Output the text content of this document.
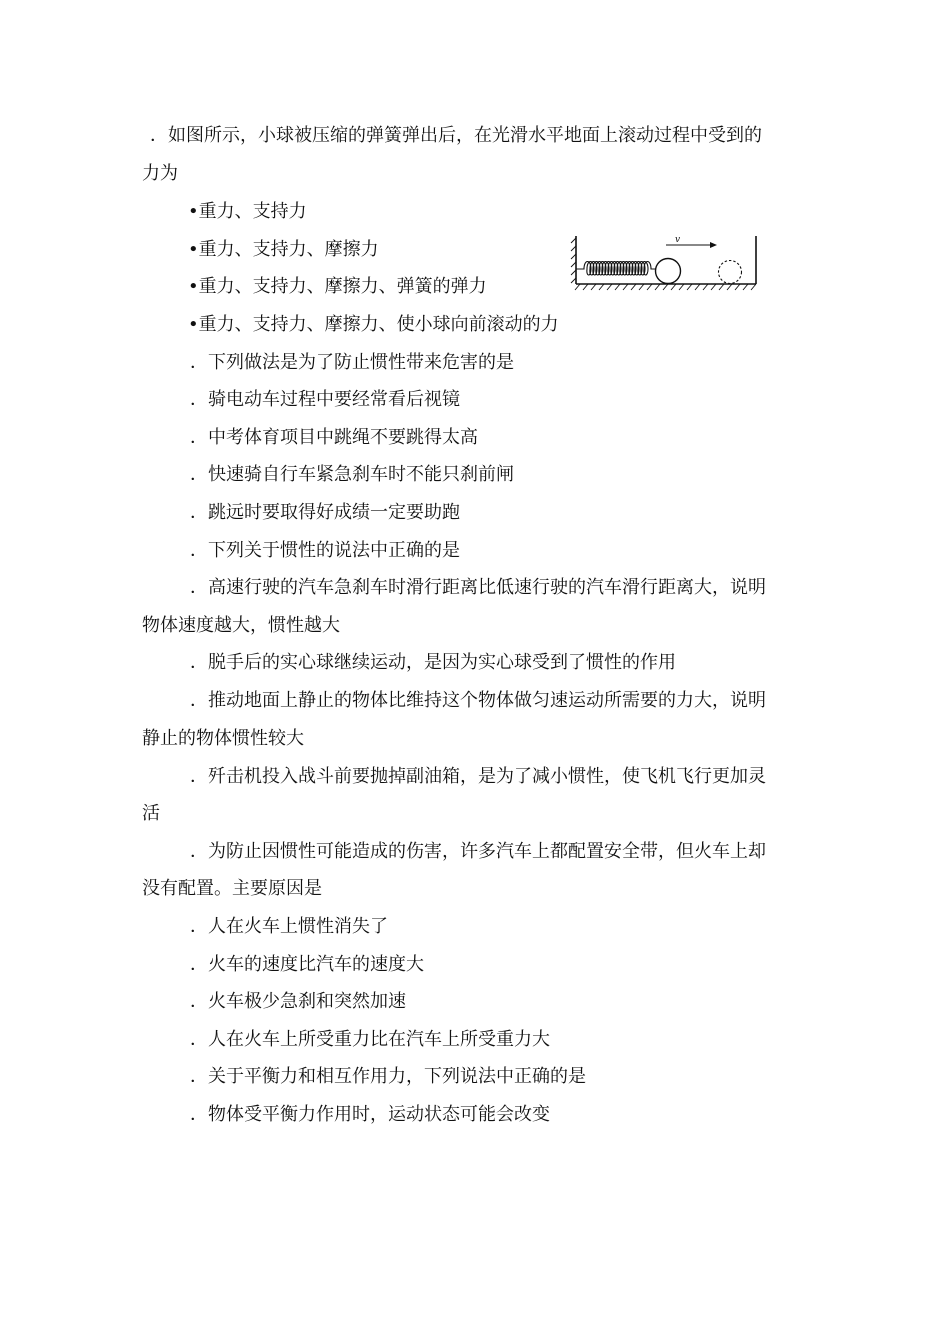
．如图所示，小球被压缩的弹簧弹出后，在光滑水平地面上滚动过程中受到的
力为
•重力、支持力
•重力、支持力、摩擦力
•重力、支持力、摩擦力、弹簧的弹力
•重力、支持力、摩擦力、使小球向前滚动的力
v
．下列做法是为了防止惯性带来危害的是
．骑电动车过程中要经常看后视镜
．中考体育项目中跳绳不要跳得太高
．快速骑自行车紧急刹车时不能只刹前闸
．跳远时要取得好成绩一定要助跑
．下列关于惯性的说法中正确的是
．高速行驶的汽车急刹车时滑行距离比低速行驶的汽车滑行距离大，说明
物体速度越大，惯性越大
．脱手后的实心球继续运动，是因为实心球受到了惯性的作用
．推动地面上静止的物体比维持这个物体做匀速运动所需要的力大，说明
静止的物体惯性较大
．歼击机投入战斗前要抛掉副油箱，是为了减小惯性，使飞机飞行更加灵
活
．为防止因惯性可能造成的伤害，许多汽车上都配置安全带，但火车上却
没有配置。主要原因是
．人在火车上惯性消失了
．火车的速度比汽车的速度大
．火车极少急刹和突然加速
．人在火车上所受重力比在汽车上所受重力大
．关于平衡力和相互作用力，下列说法中正确的是
．物体受平衡力作用时，运动状态可能会改变
